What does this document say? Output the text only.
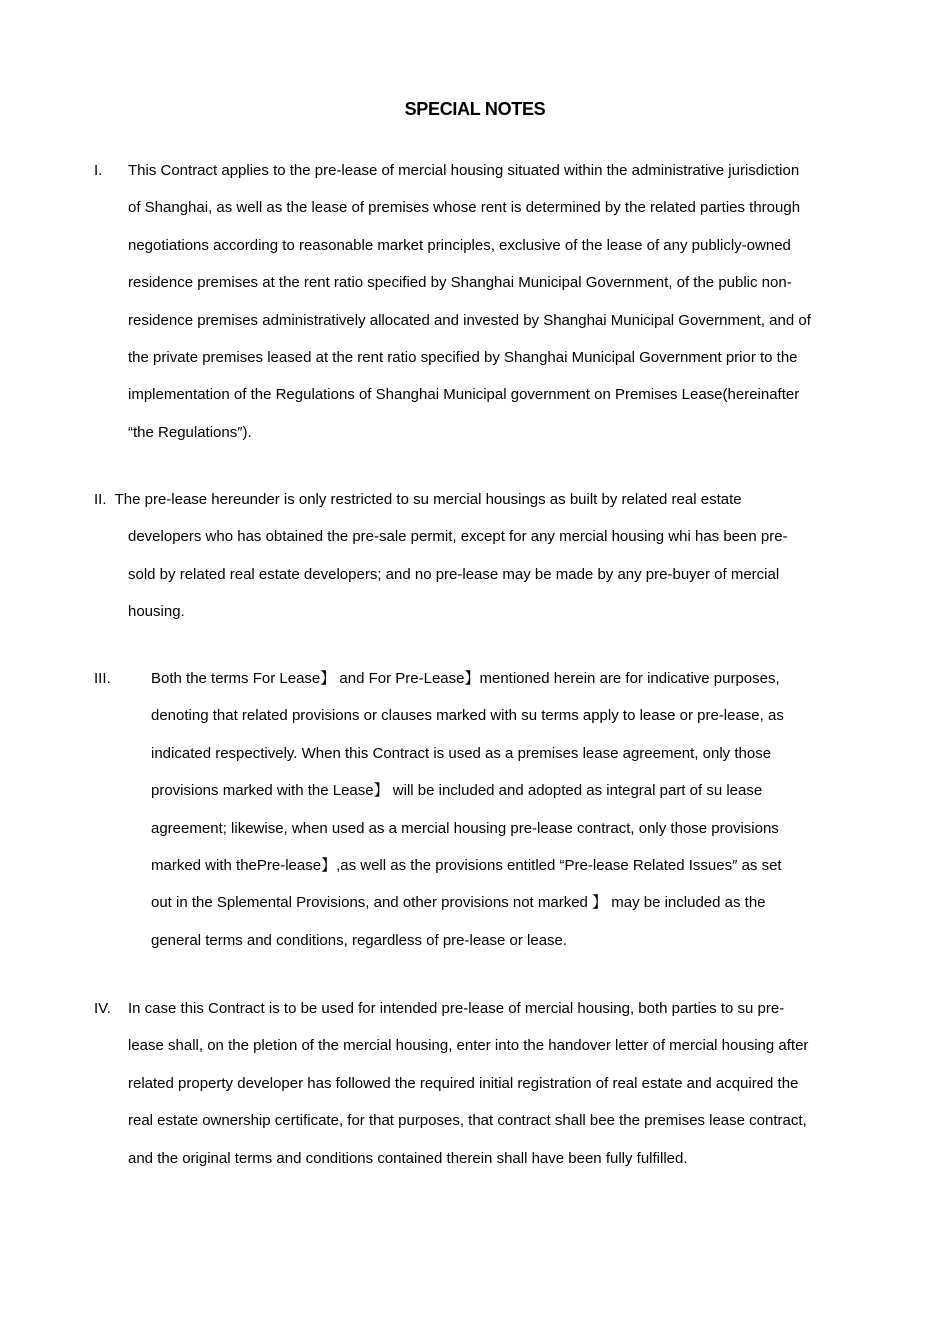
SPECIAL NOTES
I. This Contract applies to the pre-lease of mercial housing situated within the administrative jurisdiction
of Shanghai, as well as the lease of premises whose rent is determined by the related parties through
negotiations according to reasonable market principles, exclusive of the lease of any publicly-owned
residence premises at the rent ratio specified by Shanghai Municipal Government, of the public non-
residence premises administratively allocated and invested by Shanghai Municipal Government, and of
the private premises leased at the rent ratio specified by Shanghai Municipal Government prior to the
implementation of the Regulations of Shanghai Municipal government on Premises Lease(hereinafter
“the Regulations″).
II. The pre-lease hereunder is only restricted to su mercial housings as built by related real estate
developers who has obtained the pre-sale permit, except for any mercial housing whi has been pre-
sold by related real estate developers; and no pre-lease may be made by any pre-buyer of mercial
housing.
III.	Both the terms For Lease】 and For Pre-Lease】mentioned herein are for indicative purposes,
denoting that related provisions or clauses marked with su terms apply to lease or pre-lease, as
indicated respectively. When this Contract is used as a premises lease agreement, only those
provisions marked with the Lease】 will be included and adopted as integral part of su lease
agreement; likewise, when used as a mercial housing pre-lease contract, only those provisions
marked with thePre-lease】,as well as the provisions entitled “Pre-lease Related Issues″ as set
out in the Splemental Provisions, and other provisions not marked 】 may be included as the
general terms and conditions, regardless of pre-lease or lease.
IV. In case this Contract is to be used for intended pre-lease of mercial housing, both parties to su pre-
lease shall, on the pletion of the mercial housing, enter into the handover letter of mercial housing after
related property developer has followed the required initial registration of real estate and acquired the
real estate ownership certificate, for that purposes, that contract shall bee the premises lease contract,
and the original terms and conditions contained therein shall have been fully fulfilled.
